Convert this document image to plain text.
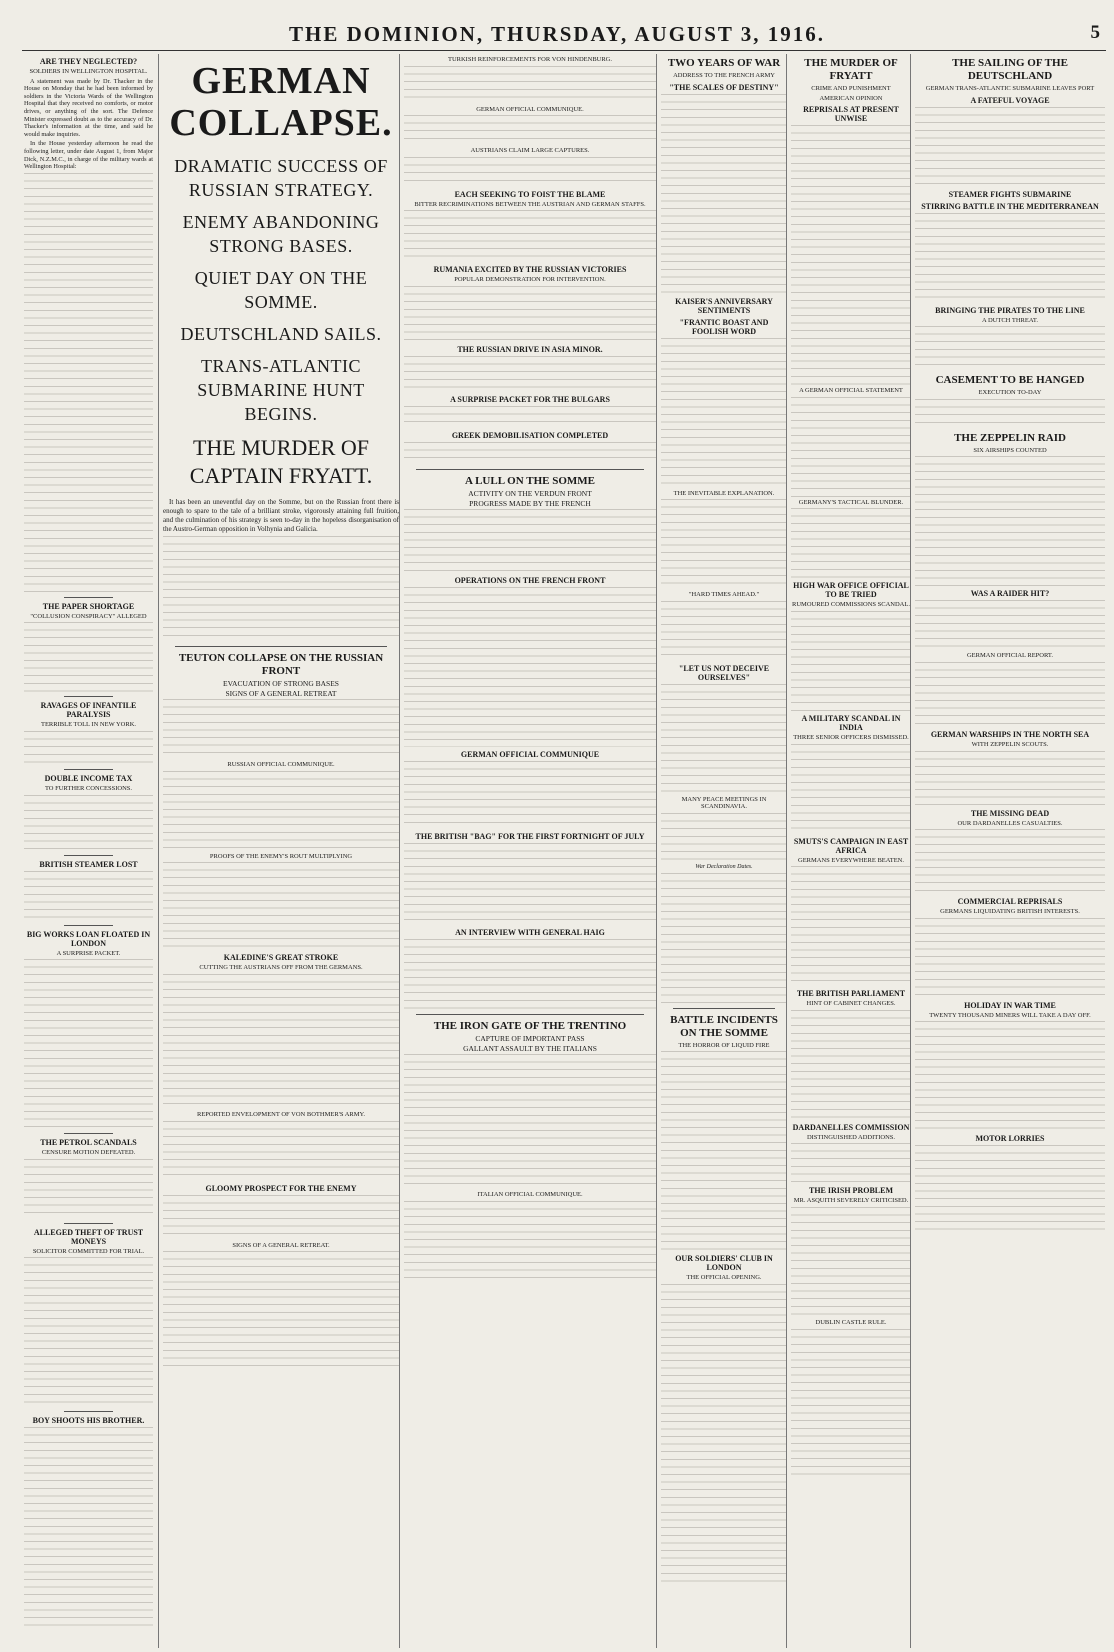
THE DOMINION, THURSDAY, AUGUST 3, 1916.	5
ARE THEY NEGLECTED?
SOLDIERS IN WELLINGTON HOSPITAL.

A statement was made by Dr. Thacker in the House on Monday that he had been informed by soldiers in the Victoria Wards of the Wellington Hospital that they received no comforts, or motor drives, or anything of the sort. The Defence Minister expressed doubt as to the accuracy of Dr. Thacker's information at the time, and said he would make inquiries.

In the House yesterday afternoon he read the following letter, under date August 1, from Major Dick, N.Z.M.C., in charge of the military wards at Wellington Hospital:

THE PAPER SHORTAGE
"COLLUSION CONSPIRACY" ALLEGED
RAVAGES OF INFANTILE PARALYSIS
TERRIBLE TOLL IN NEW YORK.
DOUBLE INCOME TAX
TO FURTHER CONCESSIONS.
BRITISH STEAMER LOST
BIG WORKS LOAN FLOATED IN LONDON
A SURPRISE PACKET.
THE PETROL SCANDALS
CENSURE MOTION DEFEATED.
ALLEGED THEFT OF TRUST MONEYS
SOLICITOR COMMITTED FOR TRIAL.
BOY SHOOTS HIS BROTHER.
GERMAN COLLAPSE.
DRAMATIC SUCCESS OF RUSSIAN STRATEGY.
ENEMY ABANDONING STRONG BASES.
QUIET DAY ON THE SOMME.
DEUTSCHLAND SAILS.
TRANS-ATLANTIC SUBMARINE HUNT BEGINS.
THE MURDER OF CAPTAIN FRYATT.

It has been an uneventful day on the Somme, but on the Russian front there is enough to spare to the tale of a brilliant stroke, vigorously attaining full fruition, and the culmination of his strategy is seen to-day in the hopeless disorganisation of the Austro-German opposition in Volhynia and Galicia.

TEUTON COLLAPSE ON THE RUSSIAN FRONT
EVACUATION OF STRONG BASES
SIGNS OF A GENERAL RETREAT
RUSSIAN OFFICIAL COMMUNIQUE.
PROOFS OF THE ENEMY'S ROUT MULTIPLYING
KALEDINE'S GREAT STROKE
CUTTING THE AUSTRIANS OFF FROM THE GERMANS.
REPORTED ENVELOPMENT OF VON BOTHMER'S ARMY.
GLOOMY PROSPECT FOR THE ENEMY
SIGNS OF A GENERAL RETREAT.
TURKISH REINFORCEMENTS FOR VON HINDENBURG.
GERMAN OFFICIAL COMMUNIQUE.
AUSTRIANS CLAIM LARGE CAPTURES.
EACH SEEKING TO FOIST THE BLAME
BITTER RECRIMINATIONS BETWEEN THE AUSTRIAN AND GERMAN STAFFS.
RUMANIA EXCITED BY THE RUSSIAN VICTORIES
POPULAR DEMONSTRATION FOR INTERVENTION.
THE RUSSIAN DRIVE IN ASIA MINOR.
A SURPRISE PACKET FOR THE BULGARS
GREEK DEMOBILISATION COMPLETED
A LULL ON THE SOMME
ACTIVITY ON THE VERDUN FRONT
PROGRESS MADE BY THE FRENCH
OPERATIONS ON THE FRENCH FRONT
GERMAN OFFICIAL COMMUNIQUE
THE BRITISH "BAG" FOR THE FIRST FORTNIGHT OF JULY
AN INTERVIEW WITH GENERAL HAIG
THE IRON GATE OF THE TRENTINO
CAPTURE OF IMPORTANT PASS
GALLANT ASSAULT BY THE ITALIANS
ITALIAN OFFICIAL COMMUNIQUE.
TWO YEARS OF WAR
ADDRESS TO THE FRENCH ARMY
"THE SCALES OF DESTINY"
KAISER'S ANNIVERSARY SENTIMENTS
"FRANTIC BOAST AND FOOLISH WORD
THE INEVITABLE EXPLANATION.
"HARD TIMES AHEAD."
"LET US NOT DECEIVE OURSELVES"
MANY PEACE MEETINGS IN SCANDINAVIA.
War Declaration Dates.
BATTLE INCIDENTS ON THE SOMME
THE HORROR OF LIQUID FIRE
OUR SOLDIERS' CLUB IN LONDON
THE OFFICIAL OPENING.
THE MURDER OF FRYATT
CRIME AND PUNISHMENT
AMERICAN OPINION
REPRISALS AT PRESENT UNWISE
A GERMAN OFFICIAL STATEMENT
GERMANY'S TACTICAL BLUNDER.
HIGH WAR OFFICE OFFICIAL TO BE TRIED
RUMOURED COMMISSIONS SCANDAL.
A MILITARY SCANDAL IN INDIA
THREE SENIOR OFFICERS DISMISSED.
SMUTS'S CAMPAIGN IN EAST AFRICA
GERMANS EVERYWHERE BEATEN.
THE BRITISH PARLIAMENT
HINT OF CABINET CHANGES.
DARDANELLES COMMISSION
DISTINGUISHED ADDITIONS.
THE IRISH PROBLEM
MR. ASQUITH SEVERELY CRITICISED.
DUBLIN CASTLE RULE.
THE SAILING OF THE DEUTSCHLAND
GERMAN TRANS-ATLANTIC SUBMARINE LEAVES PORT
A FATEFUL VOYAGE
STEAMER FIGHTS SUBMARINE
STIRRING BATTLE IN THE MEDITERRANEAN
BRINGING THE PIRATES TO THE LINE
A DUTCH THREAT.
CASEMENT TO BE HANGED
EXECUTION TO-DAY
THE ZEPPELIN RAID
SIX AIRSHIPS COUNTED
WAS A RAIDER HIT?
GERMAN OFFICIAL REPORT.
GERMAN WARSHIPS IN THE NORTH SEA
WITH ZEPPELIN SCOUTS.
THE MISSING DEAD
OUR DARDANELLES CASUALTIES.
COMMERCIAL REPRISALS
GERMANS LIQUIDATING BRITISH INTERESTS.
HOLIDAY IN WAR TIME
TWENTY THOUSAND MINERS WILL TAKE A DAY OFF.
MOTOR LORRIES
